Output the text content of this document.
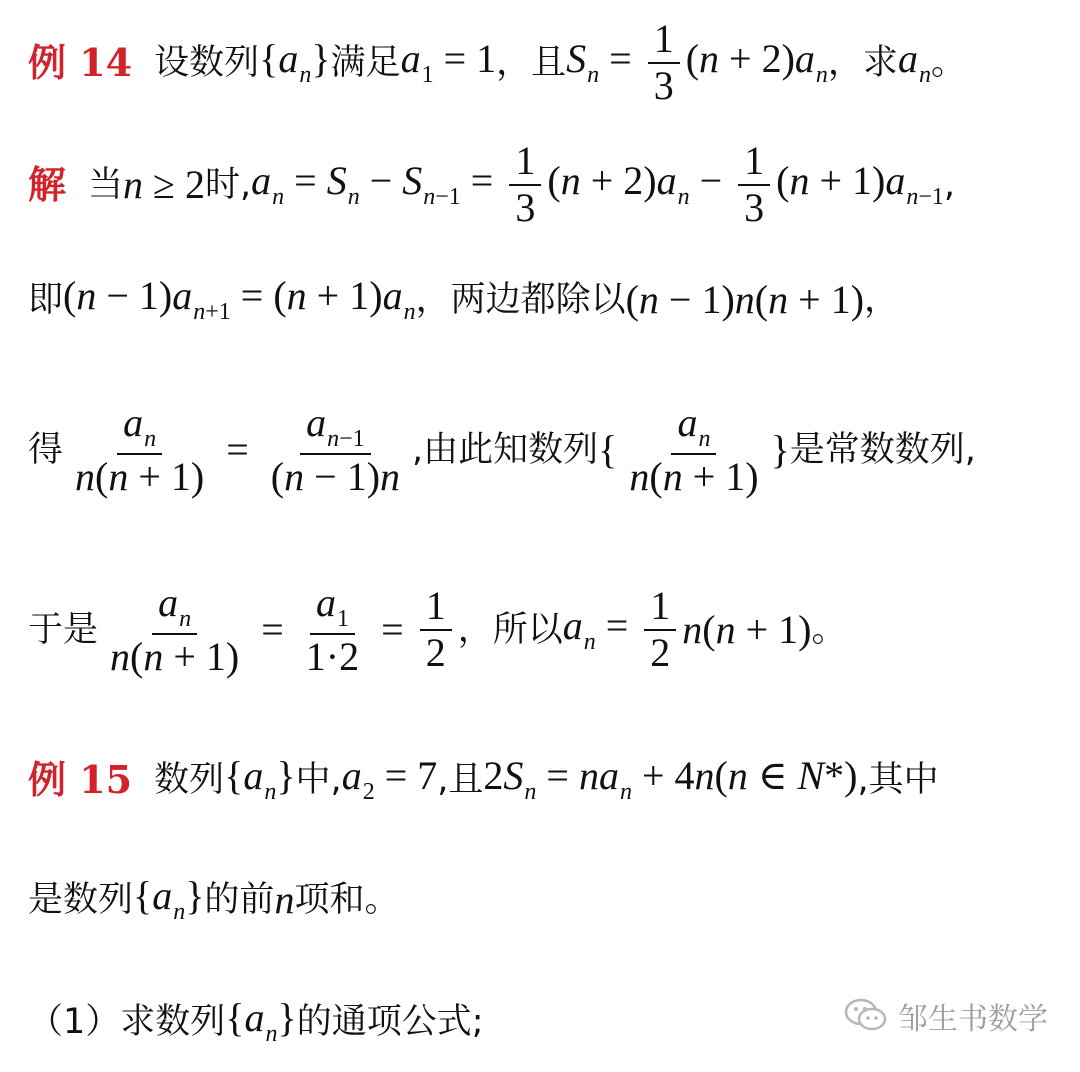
例 14 设数列 $\{a_n\}$ 满足 $a_1 = 1$ ，且 $S_n = \frac{1}{3} (n + 2)a_n$ ，求 $a_n$ 。
解 当 n ≥ 2 时, $a_n = S_n - S_{n-1} = \frac{1}{3} (n + 2)a_n - \frac{1}{3} (n + 1)a_{n-1}$ ,
即 $(n - 1)a_{n+1} = (n + 1)a_n$ ，两边都除以 (n − 1)n(n + 1) ，
得 $\frac{a_n}{n(n + 1)} = \frac{a_{n-1}}{(n - 1)n}$ ,由此知数列 { $\frac{a_n}{n(n + 1)}$ } 是常数数列,
于是 $\frac{a_n}{n(n + 1)} = \frac{a_1}{1\cdot 2} = \frac{1}{2}$ ，所以 $a_n = \frac{1}{2} n(n + 1)$ 。
例 15 数列 $\{a_n\}$ 中, $a_2 = 7$ ,且 $2S_n = na_n + 4n(n$ ∈ N*) ,其中
是数列 $\{a_n\}$ 的前 n 项和。
（1）求数列 $\{a_n\}$ 的通项公式;	邹生书数学
